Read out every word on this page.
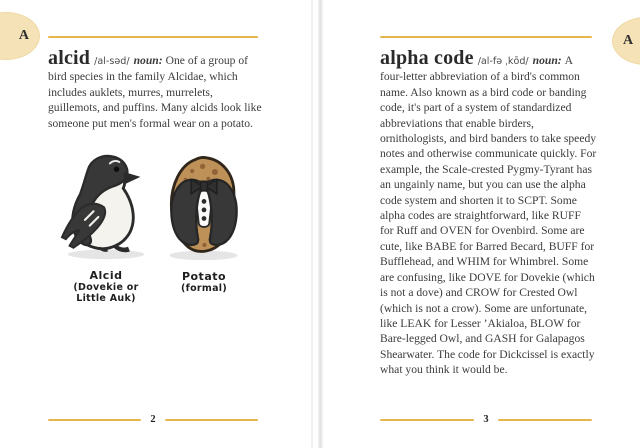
alcid /al-səd/ noun: One of a group of bird species in the family Alcidae, which includes auklets, murres, murrelets, guillemots, and puffins. Many alcids look like someone put men's formal wear on a potato.

Alcid
(Dovekie or
Little Auk)
Potato
(formal)
2

alpha code /al-fə ˌkōd/ noun: A four-letter abbreviation of a bird's common name. Also known as a bird code or banding code, it's part of a system of standardized abbreviations that enable birders, ornithologists, and bird banders to take speedy notes and otherwise communicate quickly. For example, the Scale-crested Pygmy-Tyrant has an ungainly name, but you can use the alpha code system and shorten it to SCPT. Some alpha codes are straightforward, like RUFF for Ruff and OVEN for Ovenbird. Some are cute, like BABE for Barred Becard, BUFF for Bufflehead, and WHIM for Whimbrel. Some are confusing, like DOVE for Dovekie (which is not a dove) and CROW for Crested Owl (which is not a crow). Some are unfortunate, like LEAK for Lesser ’Akialoa, BLOW for Bare-legged Owl, and GASH for Galapagos Shearwater. The code for Dickcissel is exactly what you think it would be.

3
A	A
